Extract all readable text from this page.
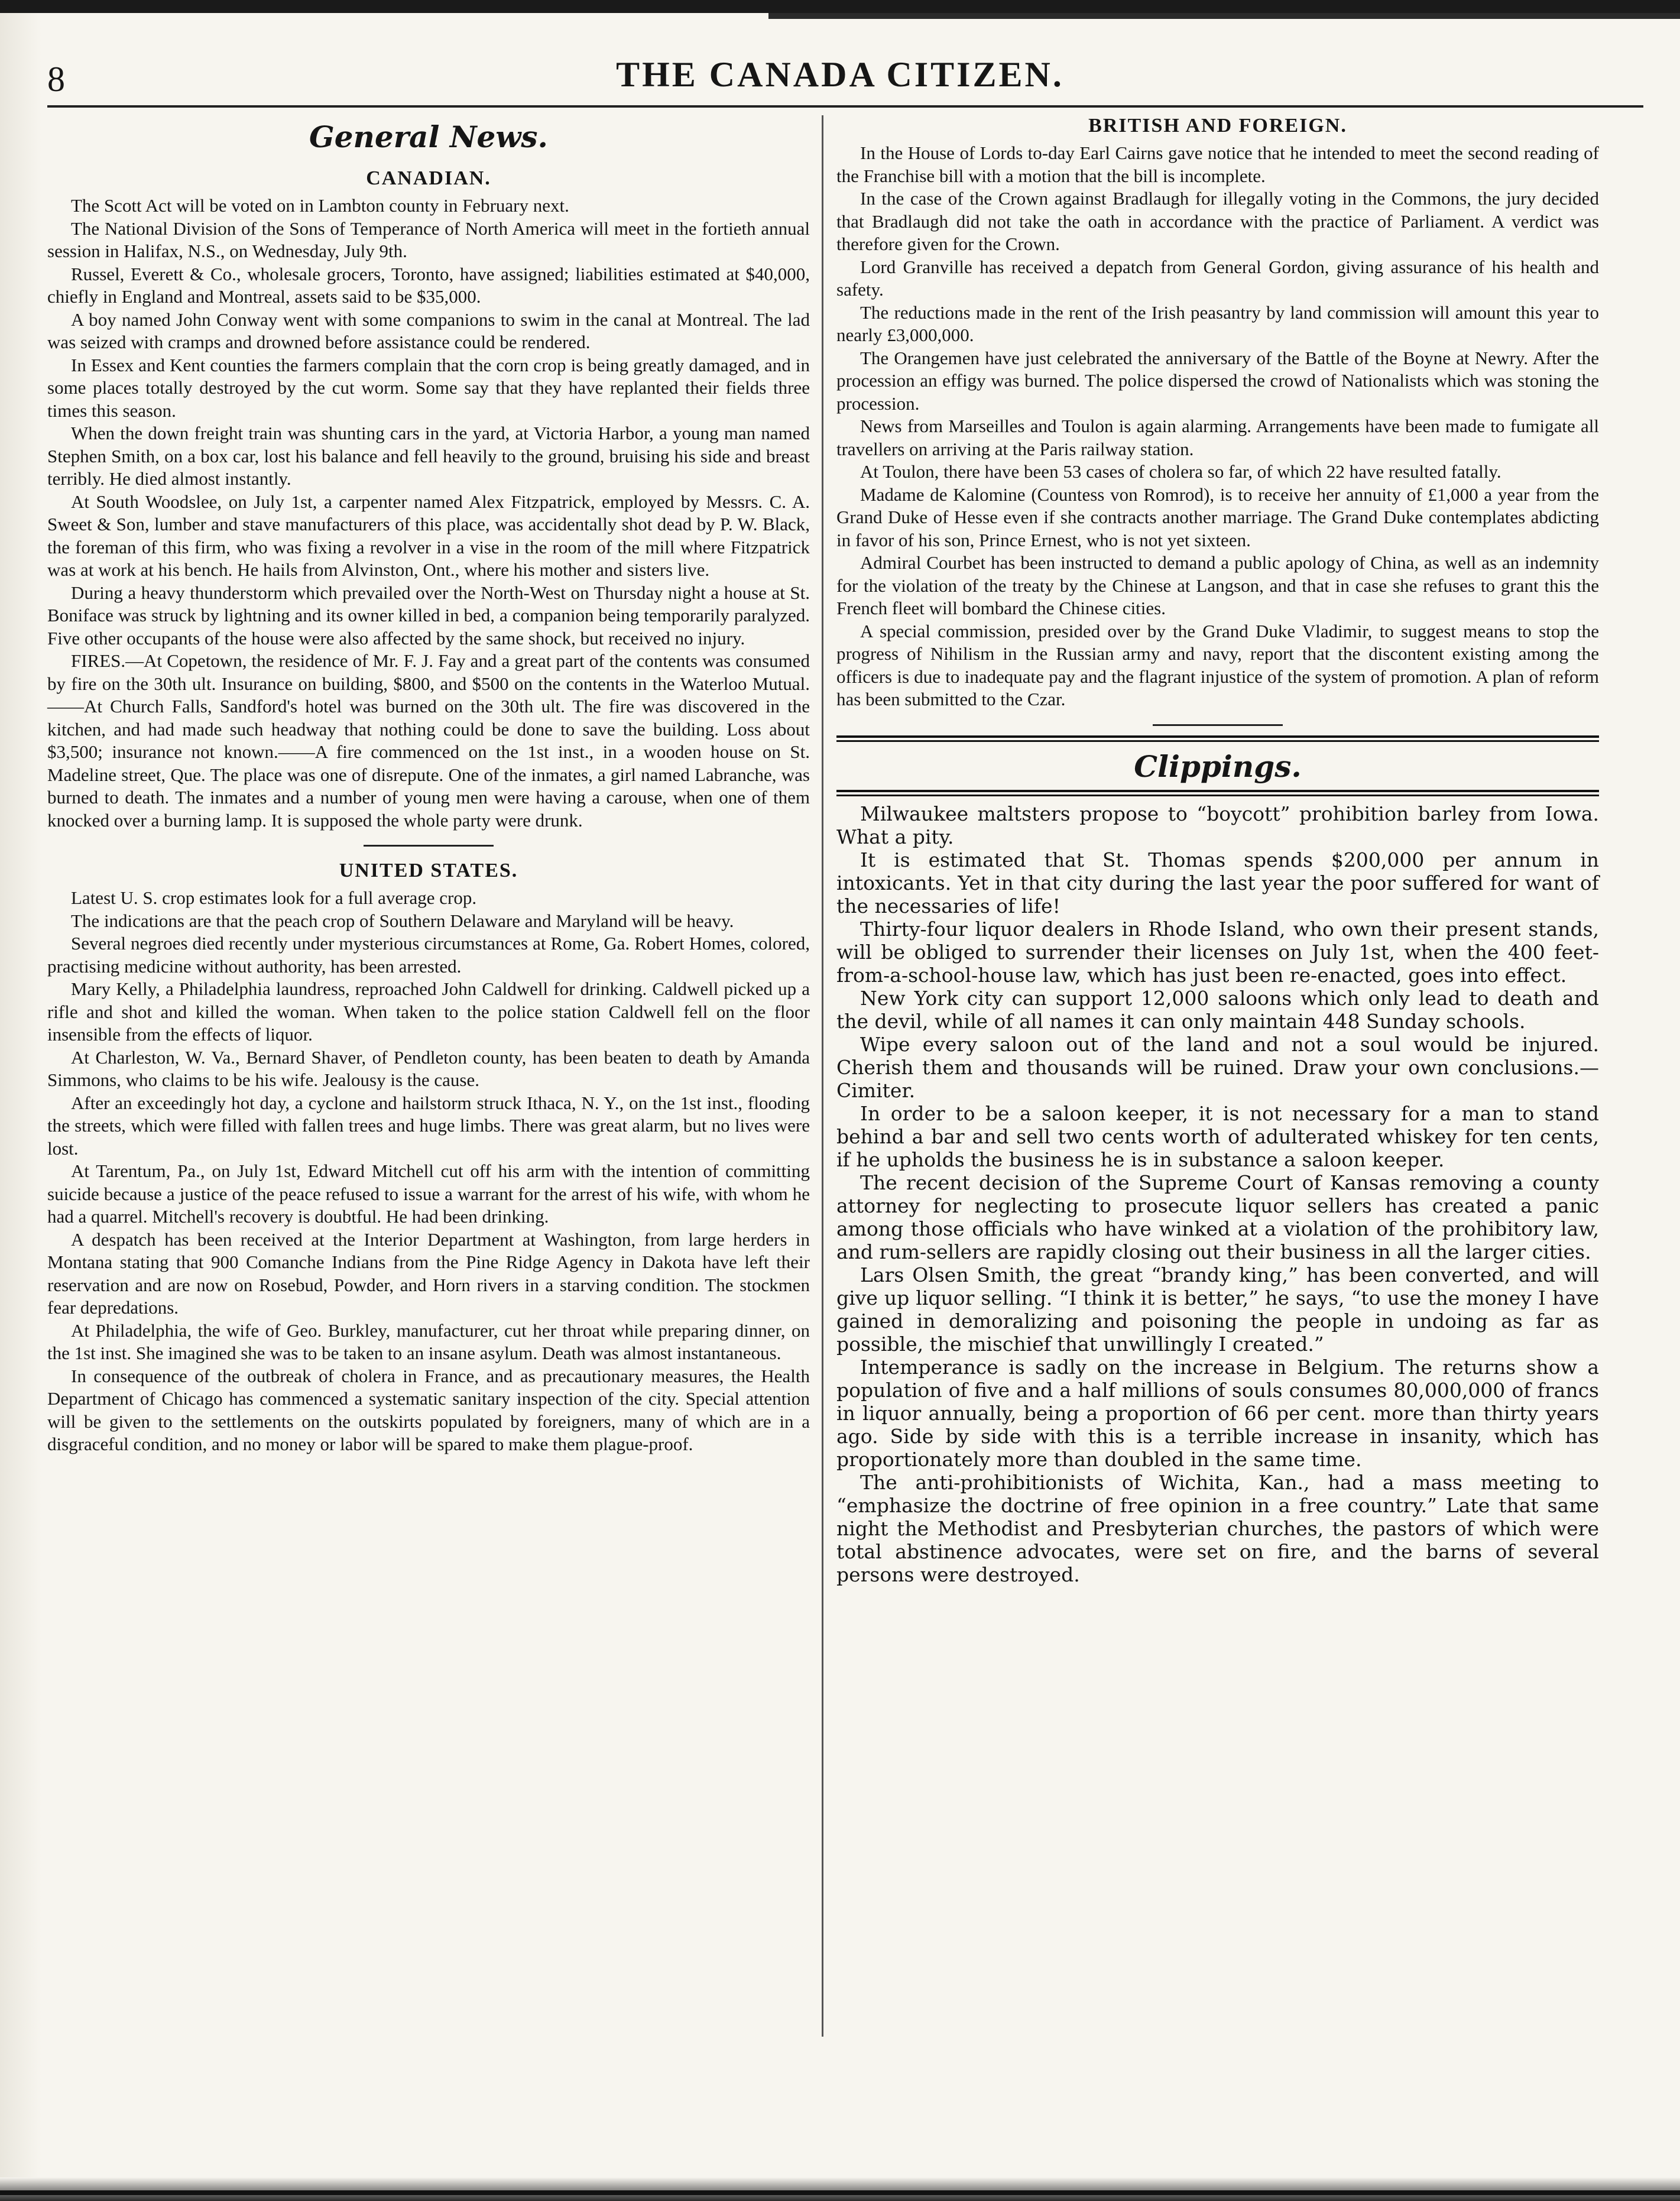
8	THE CANADA CITIZEN.
General News.
CANADIAN.

The Scott Act will be voted on in Lambton county in February next.

The National Division of the Sons of Temperance of North America will meet in the fortieth annual session in Halifax, N.S., on Wednesday, July 9th.

Russel, Everett & Co., wholesale grocers, Toronto, have assigned; liabilities estimated at $40,000, chiefly in England and Montreal, assets said to be $35,000.

A boy named John Conway went with some companions to swim in the canal at Montreal. The lad was seized with cramps and drowned before assistance could be rendered.

In Essex and Kent counties the farmers complain that the corn crop is being greatly damaged, and in some places totally destroyed by the cut worm. Some say that they have replanted their fields three times this season.

When the down freight train was shunting cars in the yard, at Victoria Harbor, a young man named Stephen Smith, on a box car, lost his balance and fell heavily to the ground, bruising his side and breast terribly. He died almost instantly.

At South Woodslee, on July 1st, a carpenter named Alex Fitzpatrick, employed by Messrs. C. A. Sweet & Son, lumber and stave manufacturers of this place, was accidentally shot dead by P. W. Black, the foreman of this firm, who was fixing a revolver in a vise in the room of the mill where Fitzpatrick was at work at his bench. He hails from Alvinston, Ont., where his mother and sisters live.

During a heavy thunderstorm which prevailed over the North-West on Thursday night a house at St. Boniface was struck by lightning and its owner killed in bed, a companion being temporarily paralyzed. Five other occupants of the house were also affected by the same shock, but received no injury.

FIRES.—At Copetown, the residence of Mr. F. J. Fay and a great part of the contents was consumed by fire on the 30th ult. Insurance on building, $800, and $500 on the contents in the Waterloo Mutual.——At Church Falls, Sandford's hotel was burned on the 30th ult. The fire was discovered in the kitchen, and had made such headway that nothing could be done to save the building. Loss about $3,500; insurance not known.——A fire commenced on the 1st inst., in a wooden house on St. Madeline street, Que. The place was one of disrepute. One of the inmates, a girl named Labranche, was burned to death. The inmates and a number of young men were having a carouse, when one of them knocked over a burning lamp. It is supposed the whole party were drunk.

UNITED STATES.

Latest U. S. crop estimates look for a full average crop.

The indications are that the peach crop of Southern Delaware and Maryland will be heavy.

Several negroes died recently under mysterious circumstances at Rome, Ga. Robert Homes, colored, practising medicine without authority, has been arrested.

Mary Kelly, a Philadelphia laundress, reproached John Caldwell for drinking. Caldwell picked up a rifle and shot and killed the woman. When taken to the police station Caldwell fell on the floor insensible from the effects of liquor.

At Charleston, W. Va., Bernard Shaver, of Pendleton county, has been beaten to death by Amanda Simmons, who claims to be his wife. Jealousy is the cause.

After an exceedingly hot day, a cyclone and hailstorm struck Ithaca, N. Y., on the 1st inst., flooding the streets, which were filled with fallen trees and huge limbs. There was great alarm, but no lives were lost.

At Tarentum, Pa., on July 1st, Edward Mitchell cut off his arm with the intention of committing suicide because a justice of the peace refused to issue a warrant for the arrest of his wife, with whom he had a quarrel. Mitchell's recovery is doubtful. He had been drinking.

A despatch has been received at the Interior Department at Washington, from large herders in Montana stating that 900 Comanche Indians from the Pine Ridge Agency in Dakota have left their reservation and are now on Rosebud, Powder, and Horn rivers in a starving condition. The stockmen fear depredations.

At Philadelphia, the wife of Geo. Burkley, manufacturer, cut her throat while preparing dinner, on the 1st inst. She imagined she was to be taken to an insane asylum. Death was almost instantaneous.

In consequence of the outbreak of cholera in France, and as precautionary measures, the Health Department of Chicago has commenced a systematic sanitary inspection of the city. Special attention will be given to the settlements on the outskirts populated by foreigners, many of which are in a disgraceful condition, and no money or labor will be spared to make them plague-proof.

BRITISH AND FOREIGN.

In the House of Lords to-day Earl Cairns gave notice that he intended to meet the second reading of the Franchise bill with a motion that the bill is incomplete.

In the case of the Crown against Bradlaugh for illegally voting in the Commons, the jury decided that Bradlaugh did not take the oath in accordance with the practice of Parliament. A verdict was therefore given for the Crown.

Lord Granville has received a depatch from General Gordon, giving assurance of his health and safety.

The reductions made in the rent of the Irish peasantry by land commission will amount this year to nearly £3,000,000.

The Orangemen have just celebrated the anniversary of the Battle of the Boyne at Newry. After the procession an effigy was burned. The police dispersed the crowd of Nationalists which was stoning the procession.

News from Marseilles and Toulon is again alarming. Arrangements have been made to fumigate all travellers on arriving at the Paris railway station.

At Toulon, there have been 53 cases of cholera so far, of which 22 have resulted fatally.

Madame de Kalomine (Countess von Romrod), is to receive her annuity of £1,000 a year from the Grand Duke of Hesse even if she contracts another marriage. The Grand Duke contemplates abdicting in favor of his son, Prince Ernest, who is not yet sixteen.

Admiral Courbet has been instructed to demand a public apology of China, as well as an indemnity for the violation of the treaty by the Chinese at Langson, and that in case she refuses to grant this the French fleet will bombard the Chinese cities.

A special commission, presided over by the Grand Duke Vladimir, to suggest means to stop the progress of Nihilism in the Russian army and navy, report that the discontent existing among the officers is due to inadequate pay and the flagrant injustice of the system of promotion. A plan of reform has been submitted to the Czar.

Clippings.

Milwaukee maltsters propose to “boycott” prohibition barley from Iowa. What a pity.

It is estimated that St. Thomas spends $200,000 per annum in intoxicants. Yet in that city during the last year the poor suffered for want of the necessaries of life!

Thirty-four liquor dealers in Rhode Island, who own their present stands, will be obliged to surrender their licenses on July 1st, when the 400 feet-from-a-school-house law, which has just been re-enacted, goes into effect.

New York city can support 12,000 saloons which only lead to death and the devil, while of all names it can only maintain 448 Sunday schools.

Wipe every saloon out of the land and not a soul would be injured. Cherish them and thousands will be ruined. Draw your own conclusions.—Cimiter.

In order to be a saloon keeper, it is not necessary for a man to stand behind a bar and sell two cents worth of adulterated whiskey for ten cents, if he upholds the business he is in substance a saloon keeper.

The recent decision of the Supreme Court of Kansas removing a county attorney for neglecting to prosecute liquor sellers has created a panic among those officials who have winked at a violation of the prohibitory law, and rum-sellers are rapidly closing out their business in all the larger cities.

Lars Olsen Smith, the great “brandy king,” has been converted, and will give up liquor selling. “I think it is better,” he says, “to use the money I have gained in demoralizing and poisoning the people in undoing as far as possible, the mischief that unwillingly I created.”

Intemperance is sadly on the increase in Belgium. The returns show a population of five and a half millions of souls consumes 80,000,000 of francs in liquor annually, being a proportion of 66 per cent. more than thirty years ago. Side by side with this is a terrible increase in insanity, which has proportionately more than doubled in the same time.

The anti-prohibitionists of Wichita, Kan., had a mass meeting to “emphasize the doctrine of free opinion in a free country.” Late that same night the Methodist and Presbyterian churches, the pastors of which were total abstinence advocates, were set on fire, and the barns of several persons were destroyed.
